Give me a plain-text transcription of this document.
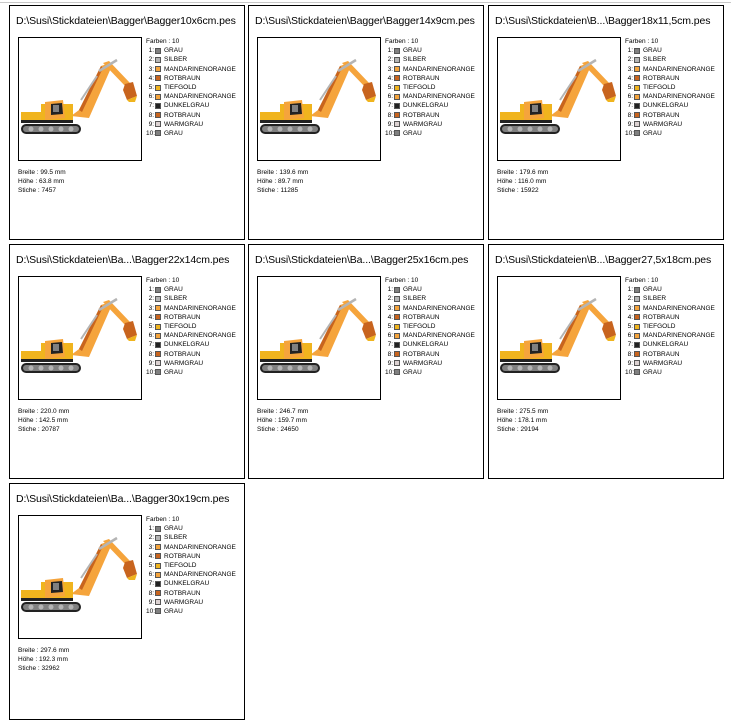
D:\Susi\Stickdateien\Bagger\Bagger10x6cm.pes
Farben : 10
1: GRAU
2: SILBER
3: MANDARINENORANGE
4: ROTBRAUN
5: TIEFGOLD
6: MANDARINENORANGE
7: DUNKELGRAU
8: ROTBRAUN
9: WARMGRAU
10: GRAU
Breite : 99.5 mm
Höhe : 63.8 mm
Stiche : 7457
D:\Susi\Stickdateien\Bagger\Bagger14x9cm.pes
Farben : 10
1: GRAU
2: SILBER
3: MANDARINENORANGE
4: ROTBRAUN
5: TIEFGOLD
6: MANDARINENORANGE
7: DUNKELGRAU
8: ROTBRAUN
9: WARMGRAU
10: GRAU
Breite : 139.6 mm
Höhe : 89.7 mm
Stiche : 11285
D:\Susi\Stickdateien\B...\Bagger18x11,5cm.pes
Farben : 10
1: GRAU
2: SILBER
3: MANDARINENORANGE
4: ROTBRAUN
5: TIEFGOLD
6: MANDARINENORANGE
7: DUNKELGRAU
8: ROTBRAUN
9: WARMGRAU
10: GRAU
Breite : 179.6 mm
Höhe : 116.0 mm
Stiche : 15922
D:\Susi\Stickdateien\Ba...\Bagger22x14cm.pes
Farben : 10
1: GRAU
2: SILBER
3: MANDARINENORANGE
4: ROTBRAUN
5: TIEFGOLD
6: MANDARINENORANGE
7: DUNKELGRAU
8: ROTBRAUN
9: WARMGRAU
10: GRAU
Breite : 220.0 mm
Höhe : 142.5 mm
Stiche : 20787
D:\Susi\Stickdateien\Ba...\Bagger25x16cm.pes
Farben : 10
1: GRAU
2: SILBER
3: MANDARINENORANGE
4: ROTBRAUN
5: TIEFGOLD
6: MANDARINENORANGE
7: DUNKELGRAU
8: ROTBRAUN
9: WARMGRAU
10: GRAU
Breite : 246.7 mm
Höhe : 159.7 mm
Stiche : 24650
D:\Susi\Stickdateien\B...\Bagger27,5x18cm.pes
Farben : 10
1: GRAU
2: SILBER
3: MANDARINENORANGE
4: ROTBRAUN
5: TIEFGOLD
6: MANDARINENORANGE
7: DUNKELGRAU
8: ROTBRAUN
9: WARMGRAU
10: GRAU
Breite : 275.5 mm
Höhe : 178.1 mm
Stiche : 29194
D:\Susi\Stickdateien\Ba...\Bagger30x19cm.pes
Farben : 10
1: GRAU
2: SILBER
3: MANDARINENORANGE
4: ROTBRAUN
5: TIEFGOLD
6: MANDARINENORANGE
7: DUNKELGRAU
8: ROTBRAUN
9: WARMGRAU
10: GRAU
Breite : 297.6 mm
Höhe : 192.3 mm
Stiche : 32962
